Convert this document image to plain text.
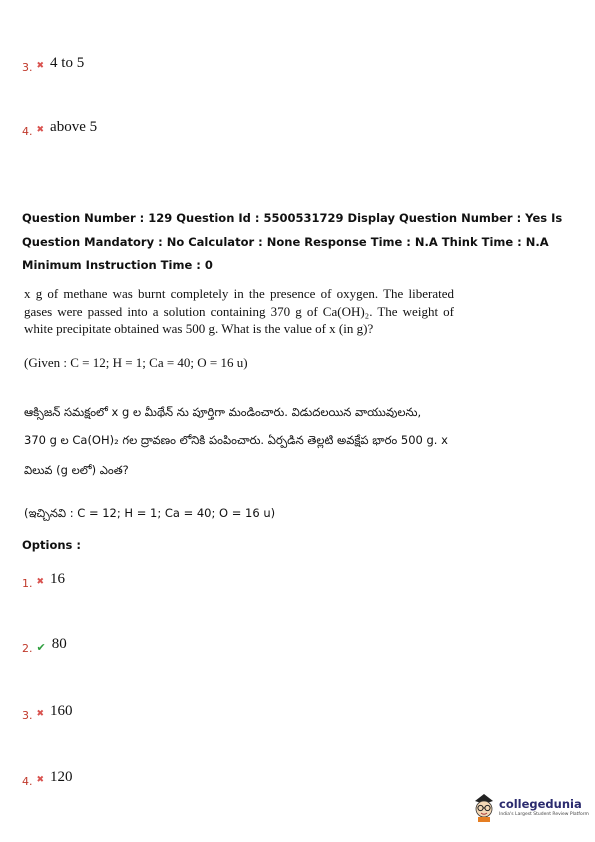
3. ✖ 4 to 5
4. ✖ above 5
Question Number : 129 Question Id : 5500531729 Display Question Number : Yes Is Question Mandatory : No Calculator : None Response Time : N.A Think Time : N.A Minimum Instruction Time : 0
x g of methane was burnt completely in the presence of oxygen. The liberated gases were passed into a solution containing 370 g of Ca(OH)₂. The weight of white precipitate obtained was 500 g. What is the value of x (in g)?
(Given : C = 12; H = 1; Ca = 40; O = 16 u)
ఆక్సిజన్ సమక్షంలో x g ల మీథేన్ ను పూర్తిగా మండించారు. విడుదలయిన వాయువులను,
370 g ల Ca(OH)₂ గల ద్రావణం లోనికి పంపించారు. ఏర్పడిన తెల్లటి అవక్షేప భారం 500 g. x
విలువ (g లలో) ఎంత?
(ఇచ్చినవి : C = 12; H = 1; Ca = 40; O = 16 u)
Options :
1. ✖ 16
2. ✔ 80
3. ✖ 160
4. ✖ 120
collegedunia
India's Largest Student Review Platform
